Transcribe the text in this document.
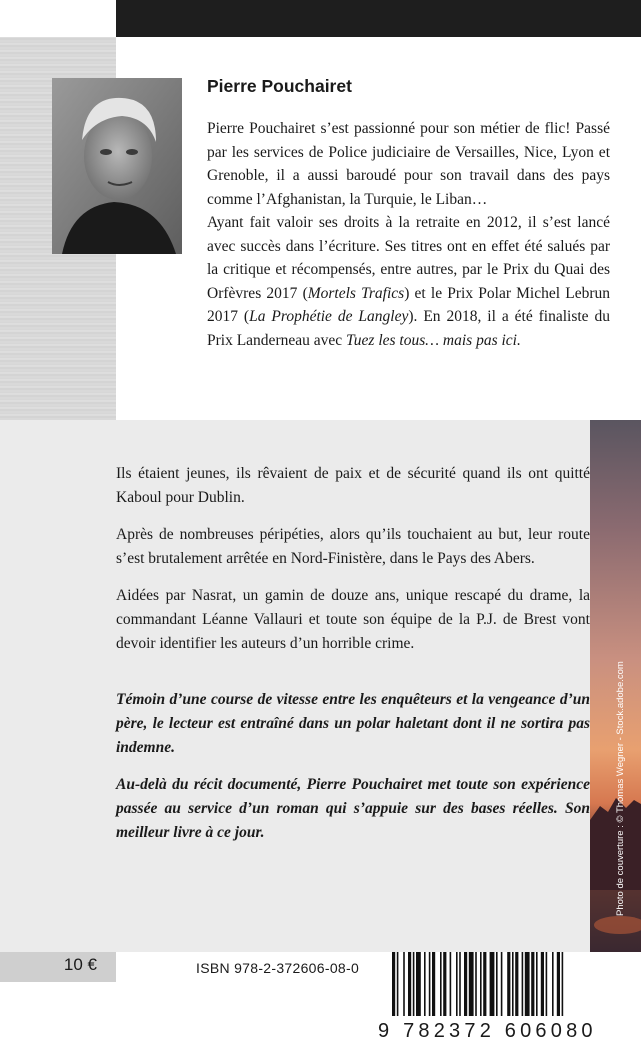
Pierre Pouchairet

Pierre Pouchairet s’est passionné pour son métier de flic! Passé par les services de Police judiciaire de Versailles, Nice, Lyon et Grenoble, il a aussi baroudé pour son travail dans des pays comme l’Afghanistan, la Turquie, le Liban…

Ayant fait valoir ses droits à la retraite en 2012, il s’est lancé avec succès dans l’écriture. Ses titres ont en effet été salués par la critique et récompensés, entre autres, par le Prix du Quai des Orfèvres 2017 (Mortels Trafics) et le Prix Polar Michel Lebrun 2017 (La Prophétie de Langley). En 2018, il a été finaliste du Prix Landerneau avec Tuez les tous… mais pas ici.

Photo de couverture : © Thomas Wegner - Stock.adobe.com

Ils étaient jeunes, ils rêvaient de paix et de sécurité quand ils ont quitté Kaboul pour Dublin.

Après de nombreuses péripéties, alors qu’ils touchaient au but, leur route s’est brutalement arrêtée en Nord-Finistère, dans le Pays des Abers.

Aidées par Nasrat, un gamin de douze ans, unique rescapé du drame, la commandant Léanne Vallauri et toute son équipe de la P.J. de Brest vont devoir identifier les auteurs d’un horrible crime.

Témoin d’une course de vitesse entre les enquêteurs et la vengeance d’un père, le lecteur est entraîné dans un polar haletant dont il ne sortira pas indemne.

Au-delà du récit documenté, Pierre Pouchairet met toute son expérience passée au service d’un roman qui s’appuie sur des bases réelles. Son meilleur livre à ce jour.

10 €	ISBN 978-2-372606-08-0
9 782372 606080
